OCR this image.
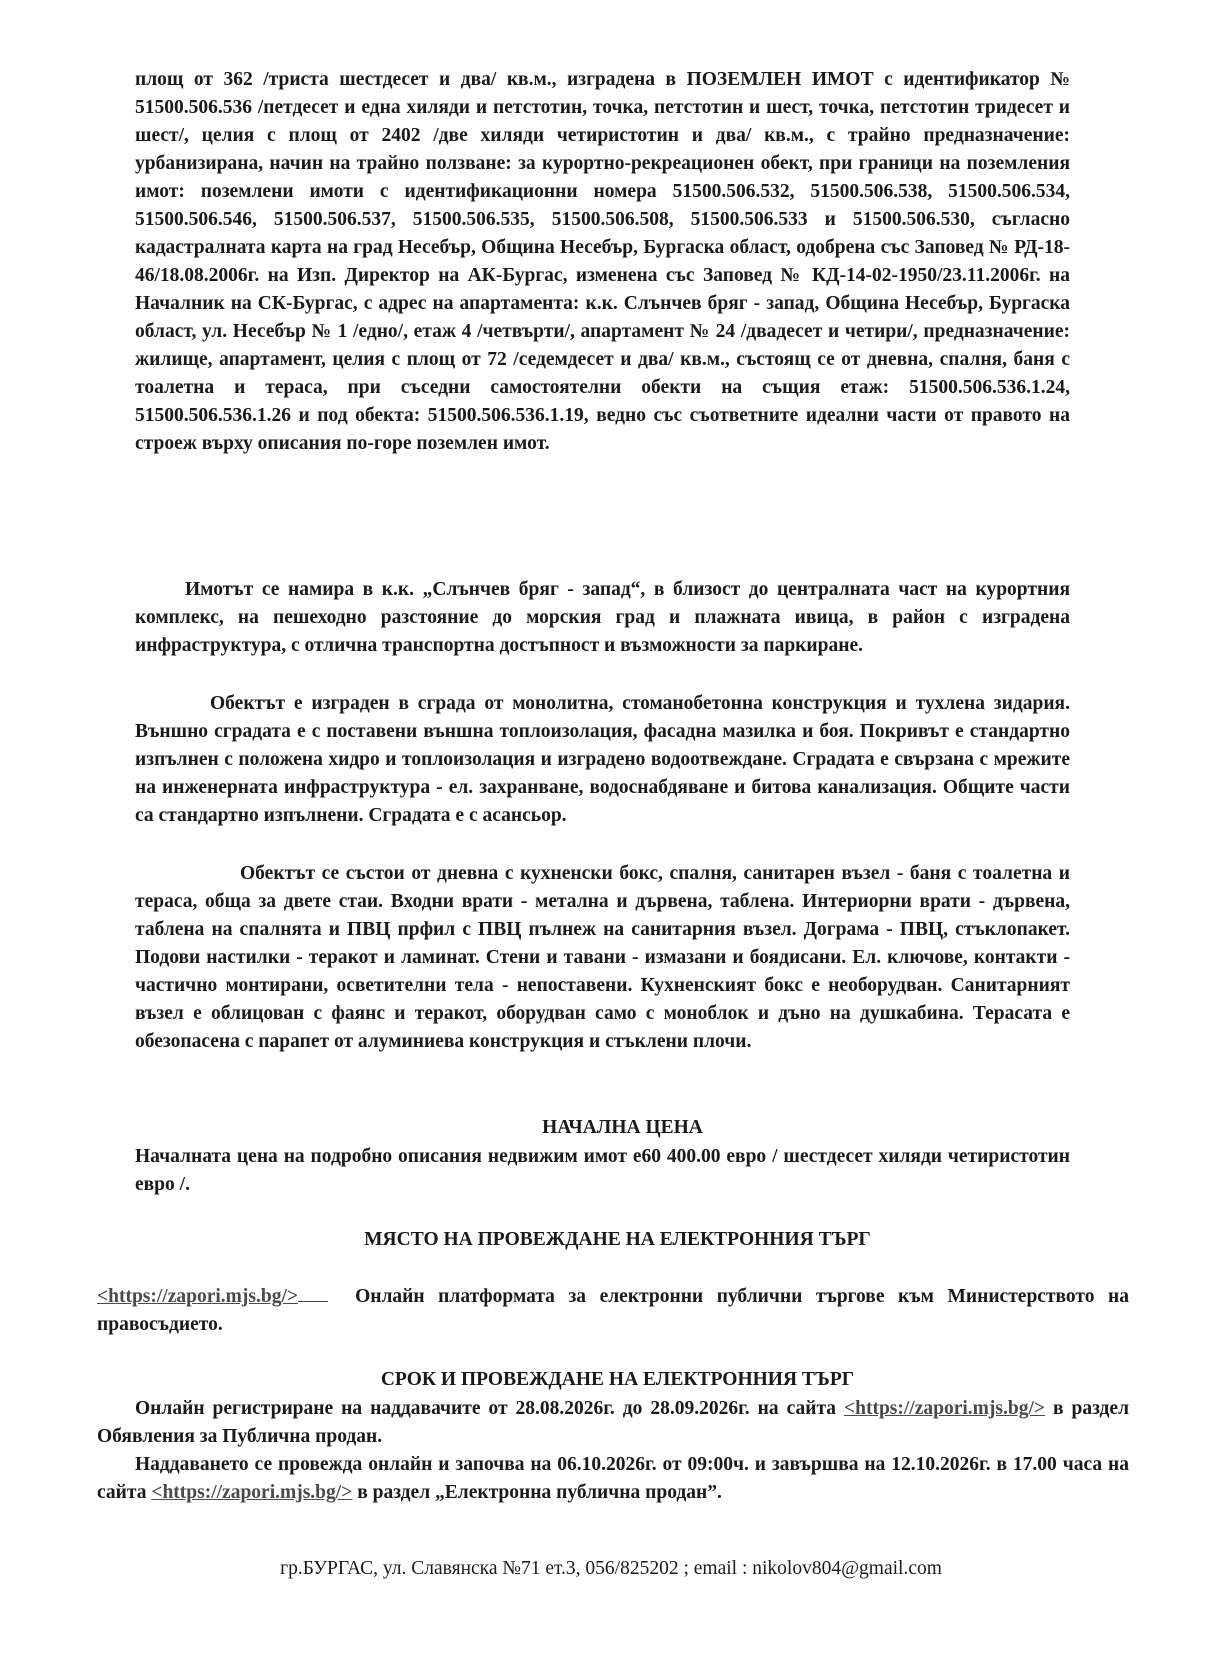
площ от 362 /триста шестдесет и два/ кв.м., изградена в ПОЗЕМЛЕН ИМОТ с идентификатор № 51500.506.536 /петдесет и една хиляди и петстотин, точка, петстотин и шест, точка, петстотин тридесет и шест/, целия с площ от 2402 /две хиляди четиристотин и два/ кв.м., с трайно предназначение: урбанизирана, начин на трайно ползване: за курортно-рекреационен обект, при граници на поземления имот: поземлени имоти с идентификационни номера 51500.506.532, 51500.506.538, 51500.506.534, 51500.506.546, 51500.506.537, 51500.506.535, 51500.506.508, 51500.506.533 и 51500.506.530, съгласно кадастралната карта на град Несебър, Община Несебър, Бургаска област, одобрена със Заповед № РД-18-46/18.08.2006г. на Изп. Директор на АК-Бургас, изменена със Заповед № КД-14-02-1950/23.11.2006г. на Началник на СК-Бургас, с адрес на апартамента: к.к. Слънчев бряг - запад, Община Несебър, Бургаска област, ул. Несебър № 1 /едно/, етаж 4 /четвърти/, апартамент № 24 /двадесет и четири/, предназначение: жилище, апартамент, целия с площ от 72 /седемдесет и два/ кв.м., състоящ се от дневна, спалня, баня с тоалетна и тераса, при съседни самостоятелни обекти на същия етаж: 51500.506.536.1.24, 51500.506.536.1.26 и под обекта: 51500.506.536.1.19, ведно със съответните идеални части от правото на строеж върху описания по-горе поземлен имот.
Имотът се намира в к.к. „Слънчев бряг - запад“, в близост до централната част на курортния комплекс, на пешеходно разстояние до морския град и плажната ивица, в район с изградена инфраструктура, с отлична транспортна достъпност и възможности за паркиране.
Обектът е изграден в сграда от монолитна, стоманобетонна конструкция и тухлена зидария. Външно сградата е с поставени външна топлоизолация, фасадна мазилка и боя. Покривът е стандартно изпълнен с положена хидро и топлоизолация и изградено водоотвеждане. Сградата е свързана с мрежите на инженерната инфраструктура - ел. захранване, водоснабдяване и битова канализация. Общите части са стандартно изпълнени. Сградата е с асансьор.
Обектът се състои от дневна с кухненски бокс, спалня, санитарен възел - баня с тоалетна и тераса, обща за двете стаи. Входни врати - метална и дървена, таблена. Интериорни врати - дървена, таблена на спалнята и ПВЦ прфил с ПВЦ пълнеж на санитарния възел. Дограма - ПВЦ, стъклопакет. Подови настилки - теракот и ламинат. Стени и тавани - измазани и боядисани. Ел. ключове, контакти - частично монтирани, осветителни тела - непоставени. Кухненският бокс е необорудван. Санитарният възел е облицован с фаянс и теракот, оборудван само с моноблок и дъно на душкабина. Терасата е обезопасена с парапет от алуминиева конструкция и стъклени плочи.
НАЧАЛНА ЦЕНА
Началната цена на подробно описания недвижим имот е60 400.00 евро / шестдесет хиляди четиристотин евро /.
МЯСТО НА ПРОВЕЖДАНЕ НА ЕЛЕКТРОННИЯ ТЪРГ
<https://zapori.mjs.bg/>	Онлайн платформата за електронни публични търгове към Министерството на правосъдието.
СРОК И ПРОВЕЖДАНЕ НА ЕЛЕКТРОННИЯ ТЪРГ
Онлайн регистриране на наддавачите от 28.08.2026г. до 28.09.2026г. на сайта <https://zapori.mjs.bg/> в раздел Обявления за Публична продан.
Наддаването се провежда онлайн и започва на 06.10.2026г. от 09:00ч. и завършва на 12.10.2026г. в 17.00 часа на сайта <https://zapori.mjs.bg/> в раздел „Електронна публична продан”.
гр.БУРГАС, ул. Славянска №71 ет.3, 056/825202 ; email : nikolov804@gmail.com
